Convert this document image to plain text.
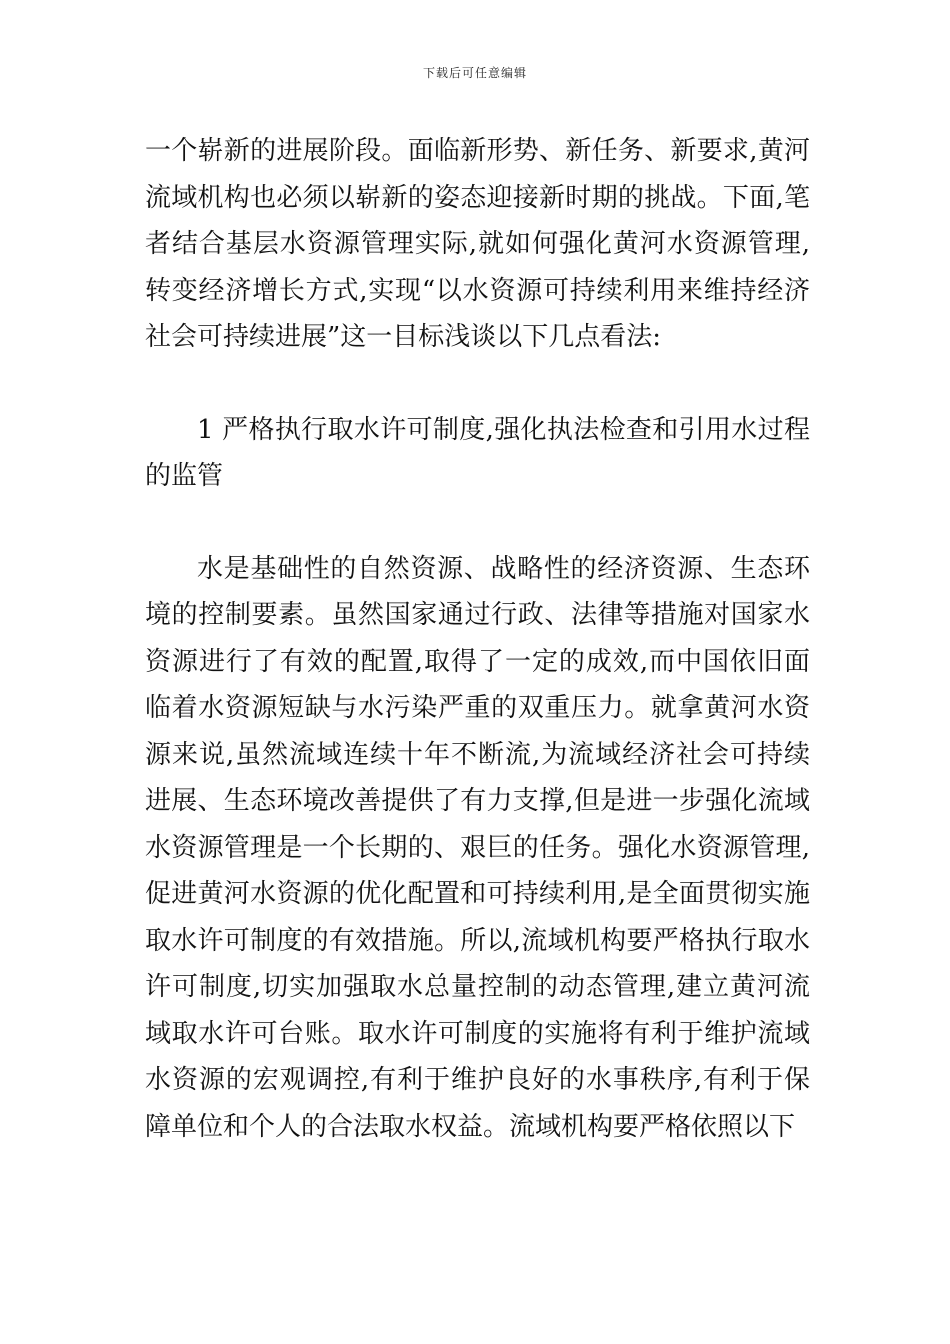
下载后可任意编辑

一个崭新的进展阶段。面临新形势、新任务、新要求,黄河流域机构也必须以崭新的姿态迎接新时期的挑战。下面,笔者结合基层水资源管理实际,就如何强化黄河水资源管理,转变经济增长方式,实现“以水资源可持续利用来维持经济社会可持续进展”这一目标浅谈以下几点看法:

1 严格执行取水许可制度,强化执法检查和引用水过程的监管

水是基础性的自然资源、战略性的经济资源、生态环境的控制要素。虽然国家通过行政、法律等措施对国家水资源进行了有效的配置,取得了一定的成效,而中国依旧面临着水资源短缺与水污染严重的双重压力。就拿黄河水资源来说,虽然流域连续十年不断流,为流域经济社会可持续进展、生态环境改善提供了有力支撑,但是进一步强化流域水资源管理是一个长期的、艰巨的任务。强化水资源管理,促进黄河水资源的优化配置和可持续利用,是全面贯彻实施取水许可制度的有效措施。所以,流域机构要严格执行取水许可制度,切实加强取水总量控制的动态管理,建立黄河流域取水许可台账。取水许可制度的实施将有利于维护流域水资源的宏观调控,有利于维护良好的水事秩序,有利于保障单位和个人的合法取水权益。流域机构要严格依照以下
